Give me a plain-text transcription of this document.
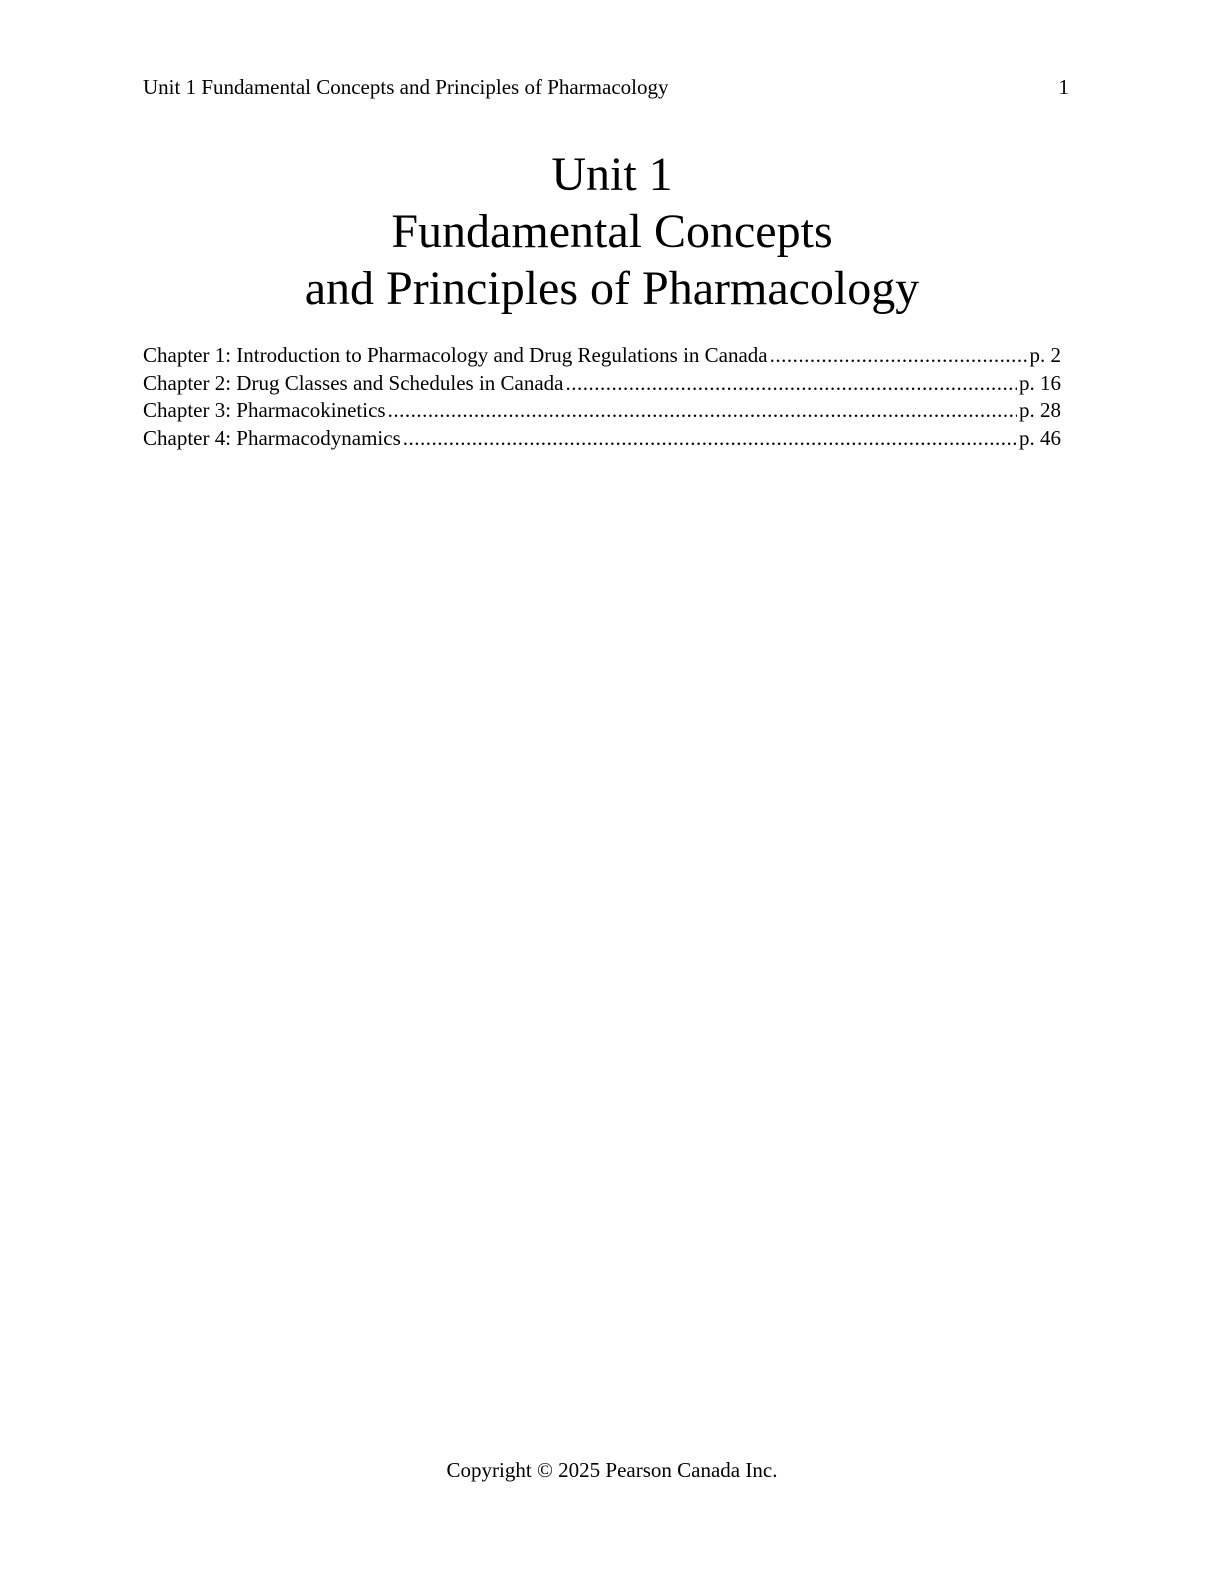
Unit 1 Fundamental Concepts and Principles of Pharmacology	1
Unit 1
Fundamental Concepts
and Principles of Pharmacology
Chapter 1: Introduction to Pharmacology and Drug Regulations in Canada .....	p. 2
Chapter 2: Drug Classes and Schedules in Canada .....	p. 16
Chapter 3: Pharmacokinetics .....	p. 28
Chapter 4: Pharmacodynamics .....	p. 46
Copyright © 2025 Pearson Canada Inc.
